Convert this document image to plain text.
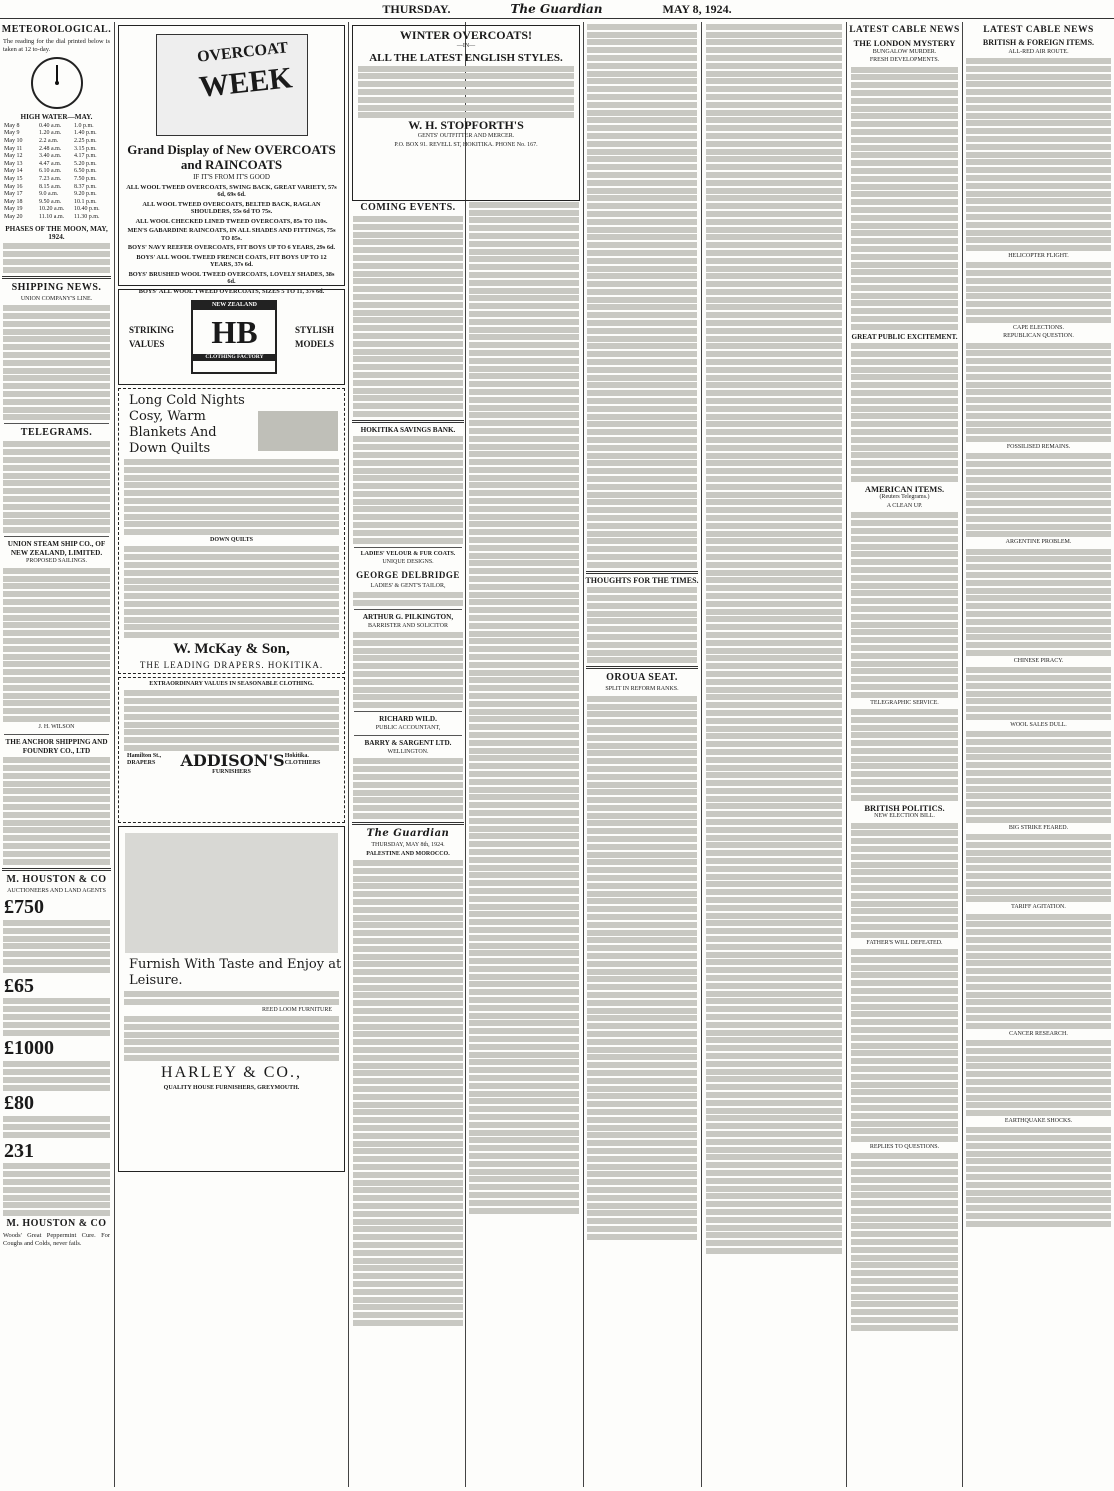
THURSDAY.	The Guardian	MAY 8, 1924.
METEOROLOGICAL.

The reading for the dial printed below is taken at 12 to-day.

HIGH WATER—MAY.
May 8	0.40 a.m.	1.0 p.m.
May 9	1.20 a.m.	1.40 p.m.
May 10	2.2 a.m.	2.25 p.m.
May 11	2.48 a.m.	3.15 p.m.
May 12	3.40 a.m.	4.17 p.m.
May 13	4.47 a.m.	5.20 p.m.
May 14	6.10 a.m.	6.50 p.m.
May 15	7.23 a.m.	7.50 p.m.
May 16	8.15 a.m.	8.37 p.m.
May 17	9.0 a.m.	9.20 p.m.
May 18	9.50 a.m.	10.1 p.m.
May 19	10.20 a.m.	10.40 p.m.
May 20	11.10 a.m.	11.30 p.m.
PHASES OF THE MOON, MAY, 1924.
SHIPPING NEWS.
UNION COMPANY'S LINE.
TELEGRAMS.
UNION STEAM SHIP CO., OF NEW ZEALAND, LIMITED.
PROPOSED SAILINGS.
J. H. WILSON
THE ANCHOR SHIPPING AND FOUNDRY CO., LTD
M. HOUSTON & CO
AUCTIONEERS AND LAND AGENTS
£750
£65
£1000
£80
231
M. HOUSTON & CO

Woods' Great Peppermint Cure. For Coughs and Colds, never fails.

OVERCOAT
WEEK
Grand Display of New OVERCOATS and RAINCOATS
IF IT'S FROM IT'S GOOD
ALL WOOL TWEED OVERCOATS, SWING BACK, GREAT VARIETY, 57s 6d, 69s 6d.
ALL WOOL TWEED OVERCOATS, BELTED BACK, RAGLAN SHOULDERS, 55s 6d TO 75s.
ALL WOOL CHECKED LINED TWEED OVERCOATS, 85s TO 110s.
MEN'S GABARDINE RAINCOATS, IN ALL SHADES AND FITTINGS, 75s TO 85s.
BOYS' NAVY REEFER OVERCOATS, FIT BOYS UP TO 6 YEARS, 29s 6d.
BOYS' ALL WOOL TWEED FRENCH COATS, FIT BOYS UP TO 12 YEARS, 37s 6d.
BOYS' BRUSHED WOOL TWEED OVERCOATS, LOVELY SHADES, 38s 6d.
BOYS' ALL WOOL TWEED OVERCOATS, SIZES 5 TO 11, 37s 6d.
STRIKING
VALUES
NEW ZEALAND
HB
CLOTHING FACTORY
STYLISH
MODELS
Long Cold Nights Cosy, Warm Blankets And Down Quilts
DOWN QUILTS
W. McKay & Son,
THE LEADING DRAPERS. HOKITIKA.
EXTRAORDINARY VALUES IN SEASONABLE CLOTHING.
Hamilton St., DRAPERS	ADDISON'S Hokitika. CLOTHIERS
FURNISHERS
Furnish With Taste and Enjoy at Leisure.
REED LOOM FURNITURE
HARLEY & CO.,
QUALITY HOUSE FURNISHERS, GREYMOUTH.
WINTER OVERCOATS!
—IN—
ALL THE LATEST ENGLISH STYLES.
W. H. STOPFORTH'S
GENTS' OUTFITTER AND MERCER.
P.O. BOX 91. REVELL ST, HOKITIKA. PHONE No. 167.
COMING EVENTS.
HOKITIKA SAVINGS BANK.
LADIES' VELOUR & FUR COATS.
UNIQUE DESIGNS.
GEORGE DELBRIDGE
LADIES' & GENT'S TAILOR,
ARTHUR G. PILKINGTON,
BARRISTER AND SOLICITOR
RICHARD WILD.
PUBLIC ACCOUNTANT,
BARRY & SARGENT LTD.
WELLINGTON.
The Guardian
THURSDAY, MAY 8th, 1924.
PALESTINE AND MOROCCO.
THOUGHTS FOR THE TIMES.
OROUA SEAT.
SPLIT IN REFORM RANKS.
LATEST CABLE NEWS
THE LONDON MYSTERY
BUNGALOW MURDER.
FRESH DEVELOPMENTS.
GREAT PUBLIC EXCITEMENT.
AMERICAN ITEMS.
(Reuters Telegrams.)
A CLEAN UP.
TELEGRAPHIC SERVICE.
BRITISH POLITICS.
NEW ELECTION BILL.
FATHER'S WILL DEFEATED.
REPLIES TO QUESTIONS.
LATEST CABLE NEWS
BRITISH & FOREIGN ITEMS.
ALL-RED AIR ROUTE.
HELICOPTER FLIGHT.
CAPE ELECTIONS.
REPUBLICAN QUESTION.
FOSSILISED REMAINS.
ARGENTINE PROBLEM.
CHINESE PIRACY.
WOOL SALES DULL.
BIG STRIKE FEARED.
TARIFF AGITATION.
CANCER RESEARCH.
EARTHQUAKE SHOCKS.
